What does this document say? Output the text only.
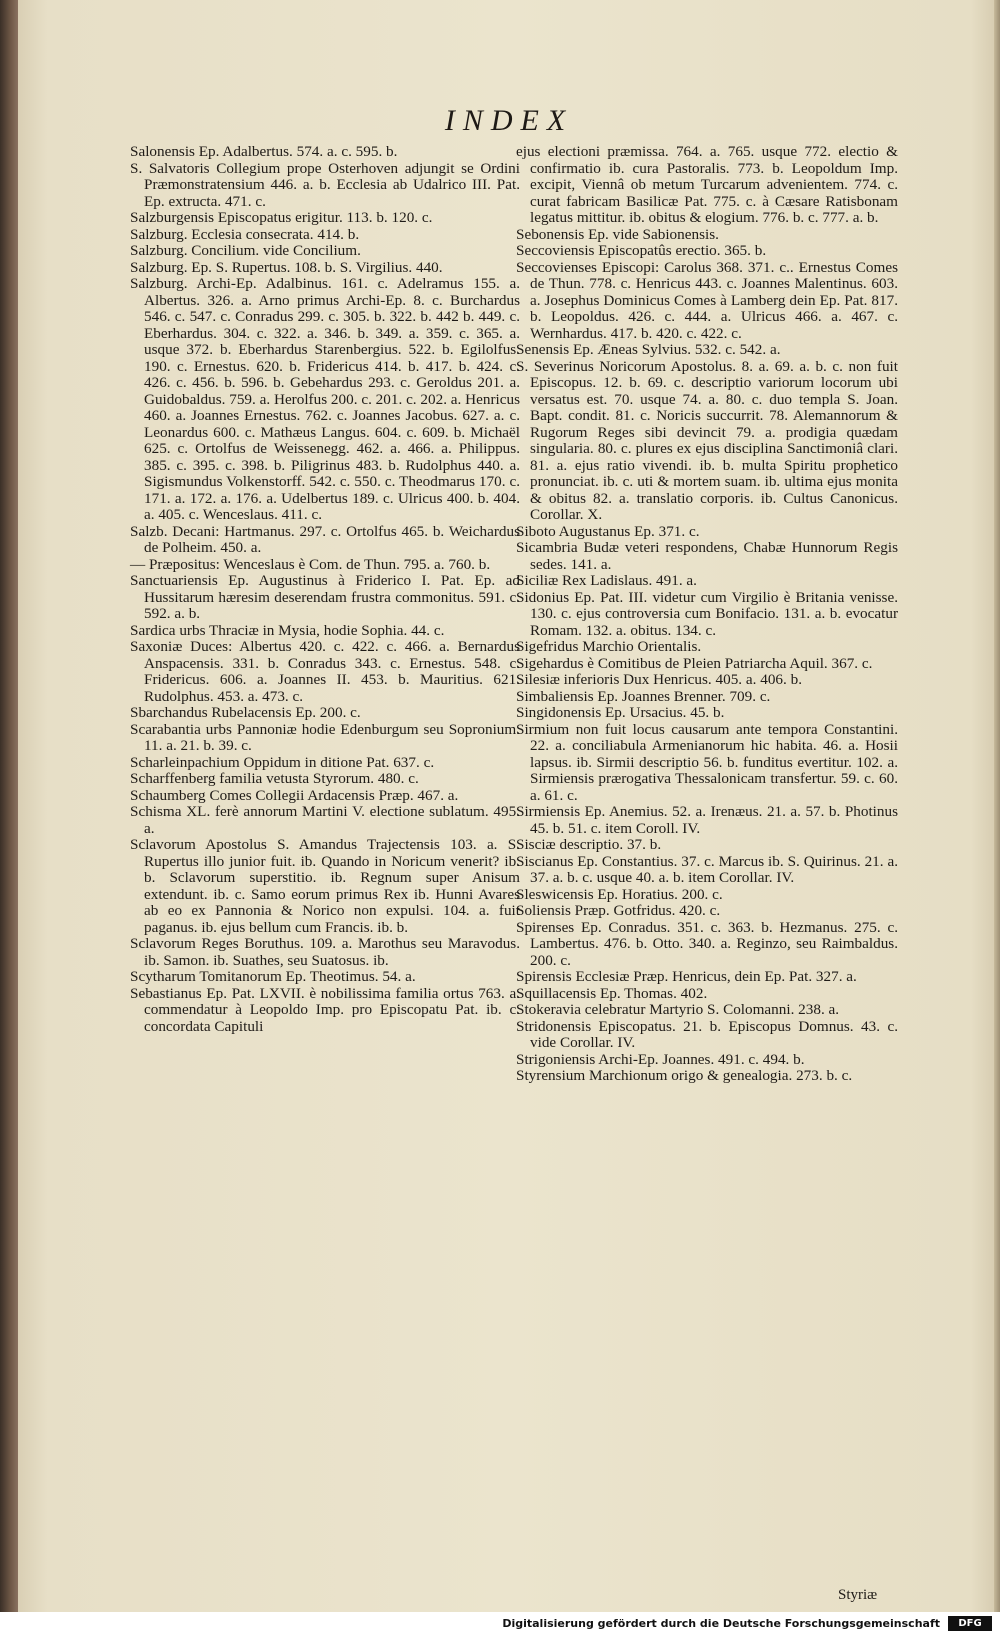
INDEX

Salonensis Ep. Adalbertus. 574. a. c. 595. b.

S. Salvatoris Collegium prope Osterhoven adjungit se Ordini Præmonstratensium 446. a. b. Ecclesia ab Udalrico III. Pat. Ep. extructa. 471. c.

Salzburgensis Episcopatus erigitur. 113. b. 120. c.

Salzburg. Ecclesia consecrata. 414. b.

Salzburg. Concilium. vide Concilium.

Salzburg. Ep. S. Rupertus. 108. b. S. Virgilius. 440.

Salzburg. Archi-Ep. Adalbinus. 161. c. Adelramus 155. a. Albertus. 326. a. Arno primus Archi-Ep. 8. c. Burchardus 546. c. 547. c. Conradus 299. c. 305. b. 322. b. 442 b. 449. c. Eberhardus. 304. c. 322. a. 346. b. 349. a. 359. c. 365. a. usque 372. b. Eberhardus Starenbergius. 522. b. Egilolfus. 190. c. Ernestus. 620. b. Fridericus 414. b. 417. b. 424. c. 426. c. 456. b. 596. b. Gebehardus 293. c. Geroldus 201. a. Guidobaldus. 759. a. Herolfus 200. c. 201. c. 202. a. Henricus 460. a. Joannes Ernestus. 762. c. Joannes Jacobus. 627. a. c. Leonardus 600. c. Mathæus Langus. 604. c. 609. b. Michaël 625. c. Ortolfus de Weissenegg. 462. a. 466. a. Philippus. 385. c. 395. c. 398. b. Piligrinus 483. b. Rudolphus 440. a. Sigismundus Volkenstorff. 542. c. 550. c. Theodmarus 170. c. 171. a. 172. a. 176. a. Udelbertus 189. c. Ulricus 400. b. 404. a. 405. c. Wenceslaus. 411. c.

Salzb. Decani: Hartmanus. 297. c. Ortolfus 465. b. Weichardus de Polheim. 450. a.

— Præpositus: Wenceslaus è Com. de Thun. 795. a. 760. b.

Sanctuariensis Ep. Augustinus à Friderico I. Pat. Ep. ad Hussitarum hæresim deserendam frustra commonitus. 591. c. 592. a. b.

Sardica urbs Thraciæ in Mysia, hodie Sophia. 44. c.

Saxoniæ Duces: Albertus 420. c. 422. c. 466. a. Bernardus Anspacensis. 331. b. Conradus 343. c. Ernestus. 548. c. Fridericus. 606. a. Joannes II. 453. b. Mauritius. 621. Rudolphus. 453. a. 473. c.

Sbarchandus Rubelacensis Ep. 200. c.

Scarabantia urbs Pannoniæ hodie Edenburgum seu Sopronium. 11. a. 21. b. 39. c.

Scharleinpachium Oppidum in ditione Pat. 637. c.

Scharffenberg familia vetusta Styrorum. 480. c.

Schaumberg Comes Collegii Ardacensis Præp. 467. a.

Schisma XL. ferè annorum Martini V. electione sublatum. 495. a.

Sclavorum Apostolus S. Amandus Trajectensis 103. a. S. Rupertus illo junior fuit. ib. Quando in Noricum venerit? ib. b. Sclavorum superstitio. ib. Regnum super Anisum extendunt. ib. c. Samo eorum primus Rex ib. Hunni Avares ab eo ex Pannonia & Norico non expulsi. 104. a. fuit paganus. ib. ejus bellum cum Francis. ib. b.

Sclavorum Reges Boruthus. 109. a. Marothus seu Maravodus. ib. Samon. ib. Suathes, seu Suatosus. ib.

Scytharum Tomitanorum Ep. Theotimus. 54. a.

Sebastianus Ep. Pat. LXVII. è nobilissima familia ortus 763. a. commendatur à Leopoldo Imp. pro Episcopatu Pat. ib. c. concordata Capituli

ejus electioni præmissa. 764. a. 765. usque 772. electio & confirmatio ib. cura Pastoralis. 773. b. Leopoldum Imp. excipit, Viennâ ob metum Turcarum advenientem. 774. c. curat fabricam Basilicæ Pat. 775. c. à Cæsare Ratisbonam legatus mittitur. ib. obitus & elogium. 776. b. c. 777. a. b.

Sebonensis Ep. vide Sabionensis.

Seccoviensis Episcopatûs erectio. 365. b.

Seccovienses Episcopi: Carolus 368. 371. c.. Ernestus Comes de Thun. 778. c. Henricus 443. c. Joannes Malentinus. 603. a. Josephus Dominicus Comes à Lamberg dein Ep. Pat. 817. b. Leopoldus. 426. c. 444. a. Ulricus 466. a. 467. c. Wernhardus. 417. b. 420. c. 422. c.

Senensis Ep. Æneas Sylvius. 532. c. 542. a.

S. Severinus Noricorum Apostolus. 8. a. 69. a. b. c. non fuit Episcopus. 12. b. 69. c. descriptio variorum locorum ubi versatus est. 70. usque 74. a. 80. c. duo templa S. Joan. Bapt. condit. 81. c. Noricis succurrit. 78. Alemannorum & Rugorum Reges sibi devincit 79. a. prodigia quædam singularia. 80. c. plures ex ejus disciplina Sanctimoniâ clari. 81. a. ejus ratio vivendi. ib. b. multa Spiritu prophetico pronunciat. ib. c. uti & mortem suam. ib. ultima ejus monita & obitus 82. a. translatio corporis. ib. Cultus Canonicus. Corollar. X.

Siboto Augustanus Ep. 371. c.

Sicambria Budæ veteri respondens, Chabæ Hunnorum Regis sedes. 141. a.

Siciliæ Rex Ladislaus. 491. a.

Sidonius Ep. Pat. III. videtur cum Virgilio è Britania venisse. 130. c. ejus controversia cum Bonifacio. 131. a. b. evocatur Romam. 132. a. obitus. 134. c.

Sigefridus Marchio Orientalis.

Sigehardus è Comitibus de Pleien Patriarcha Aquil. 367. c.

Silesiæ inferioris Dux Henricus. 405. a. 406. b.

Simbaliensis Ep. Joannes Brenner. 709. c.

Singidonensis Ep. Ursacius. 45. b.

Sirmium non fuit locus causarum ante tempora Constantini. 22. a. conciliabula Armenianorum hic habita. 46. a. Hosii lapsus. ib. Sirmii descriptio 56. b. funditus evertitur. 102. a. Sirmiensis prærogativa Thessalonicam transfertur. 59. c. 60. a. 61. c.

Sirmiensis Ep. Anemius. 52. a. Irenæus. 21. a. 57. b. Photinus 45. b. 51. c. item Coroll. IV.

Sisciæ descriptio. 37. b.

Siscianus Ep. Constantius. 37. c. Marcus ib. S. Quirinus. 21. a. 37. a. b. c. usque 40. a. b. item Corollar. IV.

Sleswicensis Ep. Horatius. 200. c.

Soliensis Præp. Gotfridus. 420. c.

Spirenses Ep. Conradus. 351. c. 363. b. Hezmanus. 275. c. Lambertus. 476. b. Otto. 340. a. Reginzo, seu Raimbaldus. 200. c.

Spirensis Ecclesiæ Præp. Henricus, dein Ep. Pat. 327. a.

Squillacensis Ep. Thomas. 402.

Stokeravia celebratur Martyrio S. Colomanni. 238. a.

Stridonensis Episcopatus. 21. b. Episcopus Domnus. 43. c. vide Corollar. IV.

Strigoniensis Archi-Ep. Joannes. 491. c. 494. b.

Styrensium Marchionum origo & genealogia. 273. b. c.

Styriæ
Digitalisierung gefördert durch die Deutsche Forschungsgemeinschaft	DFG
